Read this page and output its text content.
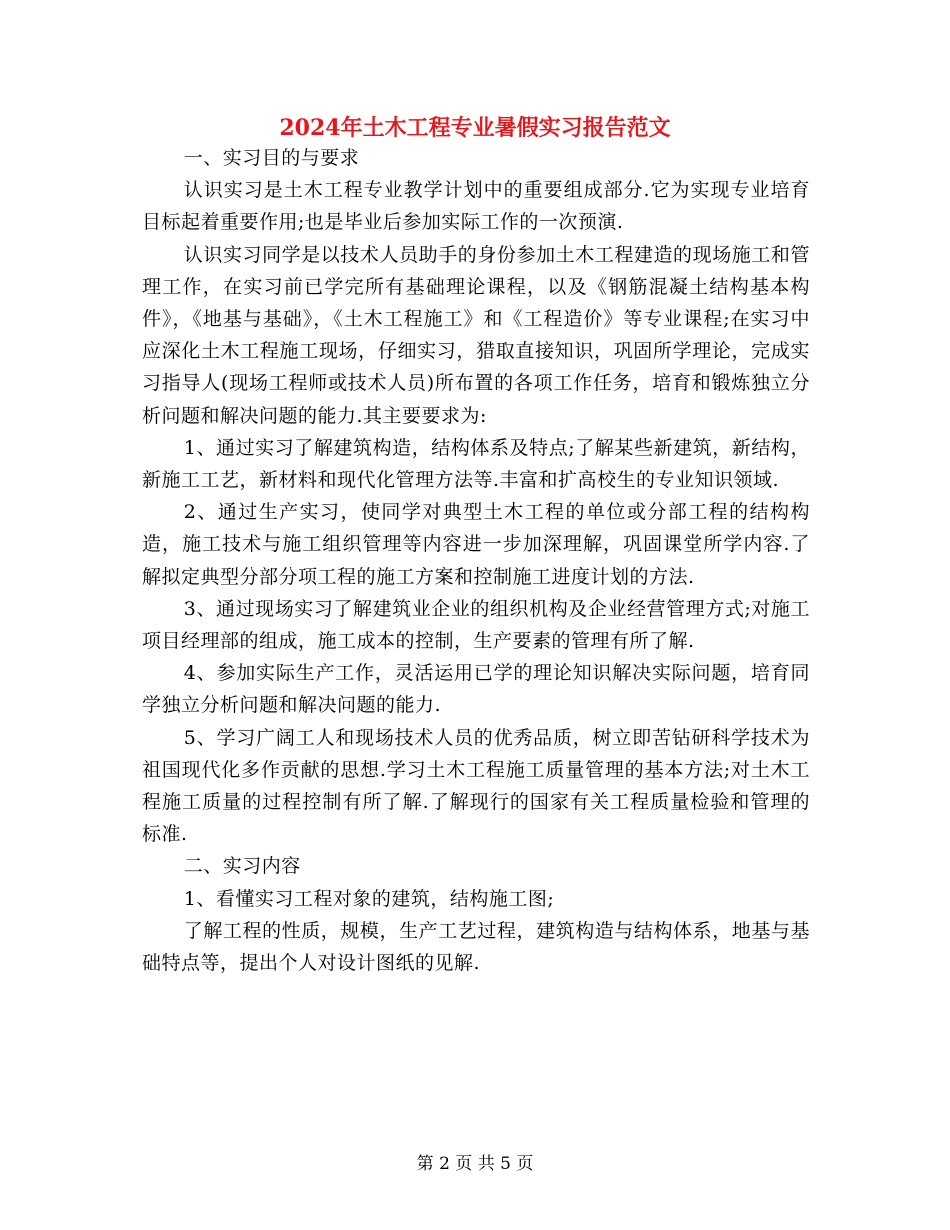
2024年土木工程专业暑假实习报告范文

一、实习目的与要求

认识实习是土木工程专业教学计划中的重要组成部分.它为实现专业培育目标起着重要作用;也是毕业后参加实际工作的一次预演.

认识实习同学是以技术人员助手的身份参加土木工程建造的现场施工和管理工作，在实习前已学完所有基础理论课程，以及《钢筋混凝土结构基本构件》，《地基与基础》，《土木工程施工》和《工程造价》等专业课程;在实习中应深化土木工程施工现场，仔细实习，猎取直接知识，巩固所学理论，完成实习指导人(现场工程师或技术人员)所布置的各项工作任务，培育和锻炼独立分析问题和解决问题的能力.其主要要求为:

1、通过实习了解建筑构造，结构体系及特点;了解某些新建筑，新结构，新施工工艺，新材料和现代化管理方法等.丰富和扩高校生的专业知识领域.

2、通过生产实习，使同学对典型土木工程的单位或分部工程的结构构造，施工技术与施工组织管理等内容进一步加深理解，巩固课堂所学内容.了解拟定典型分部分项工程的施工方案和控制施工进度计划的方法.

3、通过现场实习了解建筑业企业的组织机构及企业经营管理方式;对施工项目经理部的组成，施工成本的控制，生产要素的管理有所了解.

4、参加实际生产工作，灵活运用已学的理论知识解决实际问题，培育同学独立分析问题和解决问题的能力.

5、学习广阔工人和现场技术人员的优秀品质，树立即苦钻研科学技术为祖国现代化多作贡献的思想.学习土木工程施工质量管理的基本方法;对土木工程施工质量的过程控制有所了解.了解现行的国家有关工程质量检验和管理的标准.

二、实习内容

1、看懂实习工程对象的建筑，结构施工图;

了解工程的性质，规模，生产工艺过程，建筑构造与结构体系，地基与基础特点等，提出个人对设计图纸的见解.

第 2 页 共 5 页
